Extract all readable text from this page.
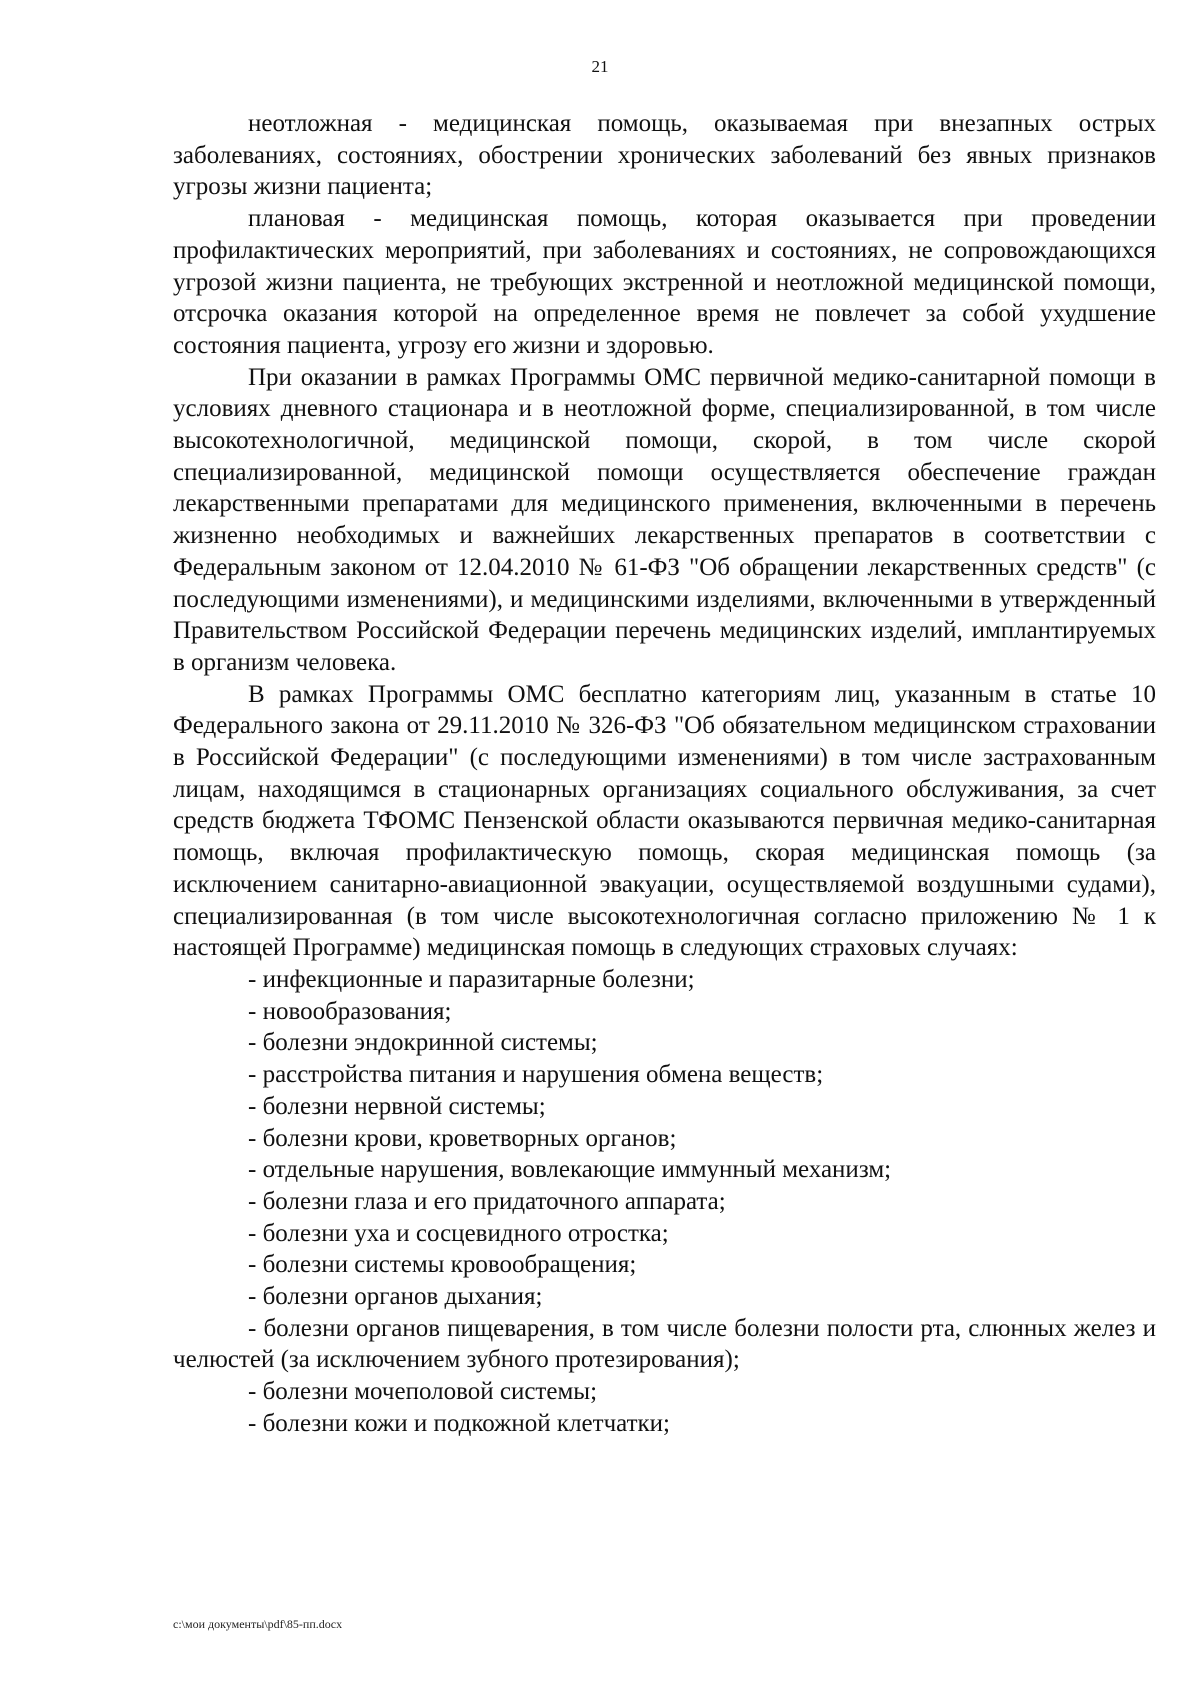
21

неотложная - медицинская помощь, оказываемая при внезапных острых заболеваниях, состояниях, обострении хронических заболеваний без явных признаков угрозы жизни пациента;

плановая - медицинская помощь, которая оказывается при проведении профилактических мероприятий, при заболеваниях и состояниях, не сопровождающихся угрозой жизни пациента, не требующих экстренной и неотложной медицинской помощи, отсрочка оказания которой на определенное время не повлечет за собой ухудшение состояния пациента, угрозу его жизни и здоровью.

При оказании в рамках Программы ОМС первичной медико-санитарной помощи в условиях дневного стационара и в неотложной форме, специализированной, в том числе высокотехнологичной, медицинской помощи, скорой, в том числе скорой специализированной, медицинской помощи осуществляется обеспечение граждан лекарственными препаратами для медицинского применения, включенными в перечень жизненно необходимых и важнейших лекарственных препаратов в соответствии с Федеральным законом от 12.04.2010 № 61-ФЗ "Об обращении лекарственных средств" (с последующими изменениями), и медицинскими изделиями, включенными в утвержденный Правительством Российской Федерации перечень медицинских изделий, имплантируемых в организм человека.

В рамках Программы ОМС бесплатно категориям лиц, указанным в статье 10 Федерального закона от 29.11.2010 № 326-ФЗ "Об обязательном медицинском страховании в Российской Федерации" (с последующими изменениями) в том числе застрахованным лицам, находящимся в стационарных организациях социального обслуживания, за счет средств бюджета ТФОМС Пензенской области оказываются первичная медико-санитарная помощь, включая профилактическую помощь, скорая медицинская помощь (за исключением санитарно-авиационной эвакуации, осуществляемой воздушными судами), специализированная (в том числе высокотехнологичная согласно приложению № 1 к настоящей Программе) медицинская помощь в следующих страховых случаях:

- инфекционные и паразитарные болезни;
- новообразования;
- болезни эндокринной системы;
- расстройства питания и нарушения обмена веществ;
- болезни нервной системы;
- болезни крови, кроветворных органов;
- отдельные нарушения, вовлекающие иммунный механизм;
- болезни глаза и его придаточного аппарата;
- болезни уха и сосцевидного отростка;
- болезни системы кровообращения;
- болезни органов дыхания;
- болезни органов пищеварения, в том числе болезни полости рта, слюнных желез и челюстей (за исключением зубного протезирования);
- болезни мочеполовой системы;
- болезни кожи и подкожной клетчатки;
c:\мои документы\pdf\85-пп.docx
